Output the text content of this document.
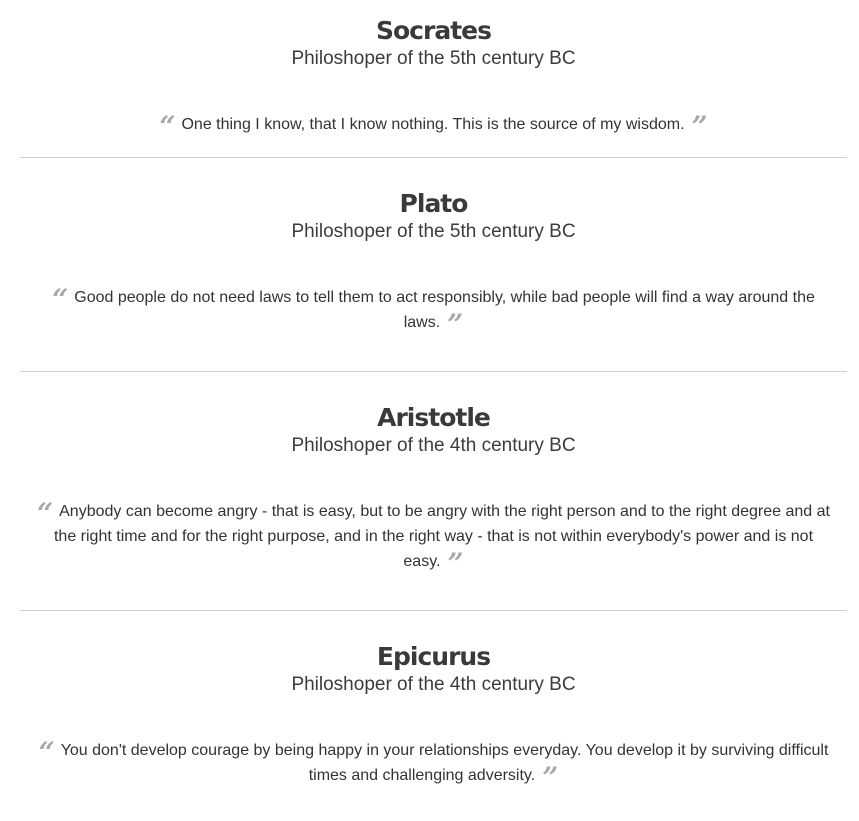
Socrates

Philoshoper of the 5th century BC

“ One thing I know, that I know nothing. This is the source of my wisdom. ”

Plato

Philoshoper of the 5th century BC

“ Good people do not need laws to tell them to act responsibly, while bad people will find a way around the laws. ”

Aristotle

Philoshoper of the 4th century BC

“ Anybody can become angry - that is easy, but to be angry with the right person and to the right degree and at the right time and for the right purpose, and in the right way - that is not within everybody's power and is not easy. ”

Epicurus

Philoshoper of the 4th century BC

“ You don't develop courage by being happy in your relationships everyday. You develop it by surviving difficult times and challenging adversity. ”
